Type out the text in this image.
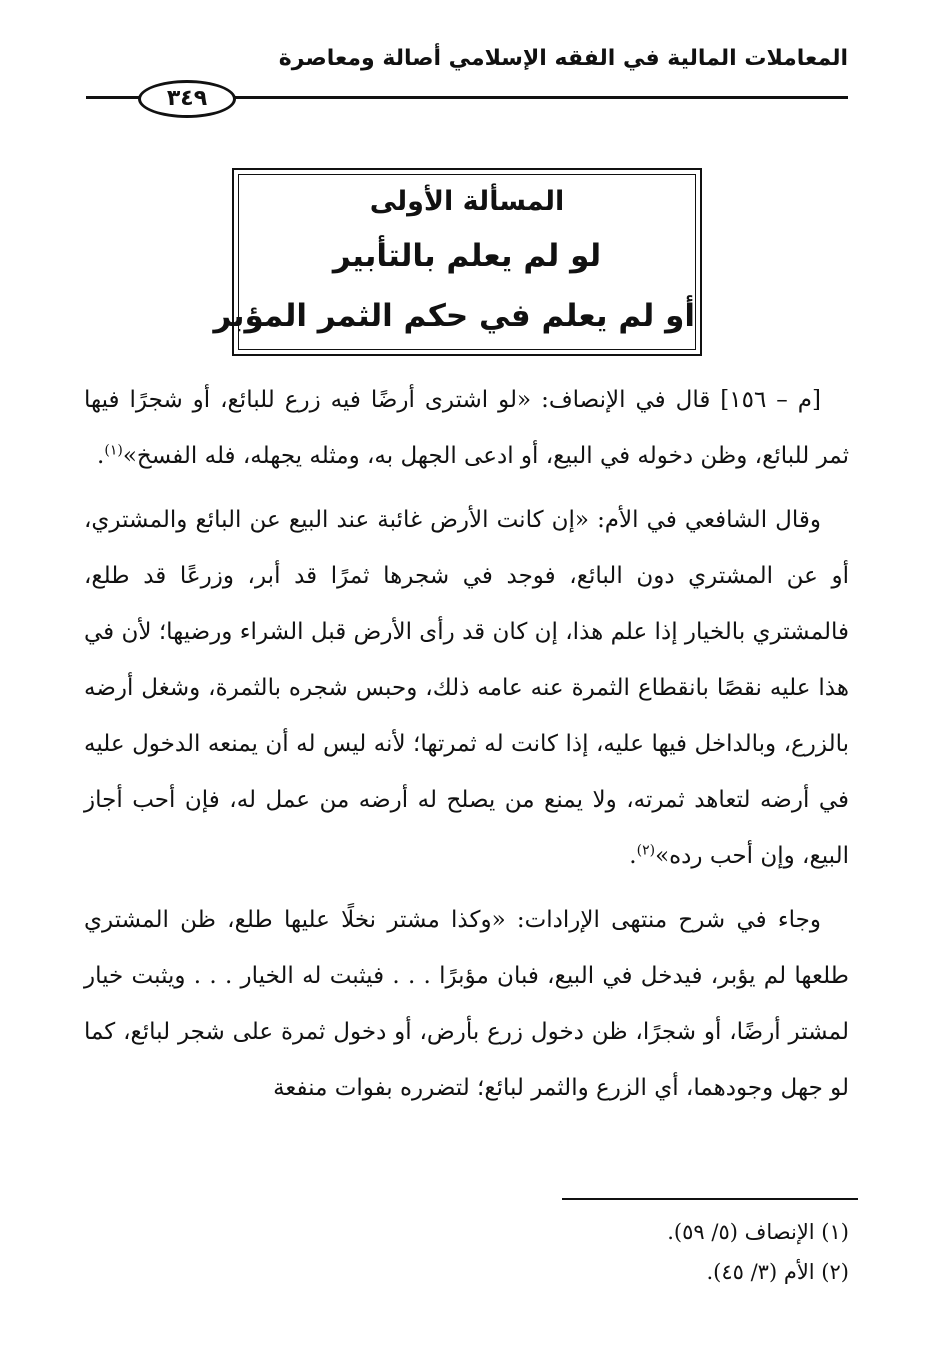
المعاملات المالية في الفقه الإسلامي أصالة ومعاصرة
٣٤٩
المسألة الأولى
لو لم يعلم بالتأبير
أو لم يعلم في حكم الثمر المؤبر

[م – ١٥٦] قال في الإنصاف: «لو اشترى أرضًا فيه زرع للبائع، أو شجرًا فيها ثمر للبائع، وظن دخوله في البيع، أو ادعى الجهل به، ومثله يجهله، فله الفسخ»$^{(١)}$.

وقال الشافعي في الأم: «إن كانت الأرض غائبة عند البيع عن البائع والمشتري، أو عن المشتري دون البائع، فوجد في شجرها ثمرًا قد أبر، وزرعًا قد طلع، فالمشتري بالخيار إذا علم هذا، إن كان قد رأى الأرض قبل الشراء ورضيها؛ لأن في هذا عليه نقصًا بانقطاع الثمرة عنه عامه ذلك، وحبس شجره بالثمرة، وشغل أرضه بالزرع، وبالداخل فيها عليه، إذا كانت له ثمرتها؛ لأنه ليس له أن يمنعه الدخول عليه في أرضه لتعاهد ثمرته، ولا يمنع من يصلح له أرضه من عمل له، فإن أحب أجاز البيع، وإن أحب رده»$^{(٢)}$.

وجاء في شرح منتهى الإرادات: «وكذا مشتر نخلًا عليها طلع، ظن المشتري طلعها لم يؤبر، فيدخل في البيع، فبان مؤبرًا . . . فيثبت له الخيار . . . ويثبت خيار لمشتر أرضًا، أو شجرًا، ظن دخول زرع بأرض، أو دخول ثمرة على شجر لبائع، كما لو جهل وجودهما، أي الزرع والثمر لبائع؛ لتضرره بفوات منفعة

(١) الإنصاف (٥/ ٥٩).
(٢) الأم (٣/ ٤٥).
